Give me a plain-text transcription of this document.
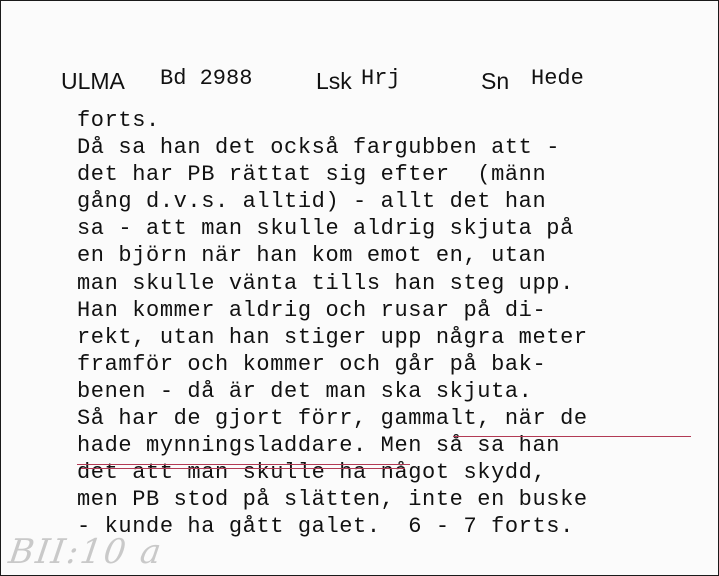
ULMA Bd 2988	Lsk Hrj	Sn Hede
forts.
Då sa han det också fargubben att -
det har PB rättat sig efter  (männ
gång d.v.s. alltid) - allt det han
sa - att man skulle aldrig skjuta på
en björn när han kom emot en, utan
man skulle vänta tills han steg upp.
Han kommer aldrig och rusar på di-
rekt, utan han stiger upp några meter
framför och kommer och går på bak-
benen - då är det man ska skjuta.
Så har de gjort förr, gammalt, när de
hade mynningsladdare. Men så sa han
det att man skulle ha något skydd,
men PB stod på slätten, inte en buske
- kunde ha gått galet.  6 - 7 forts.
BII:10 a
